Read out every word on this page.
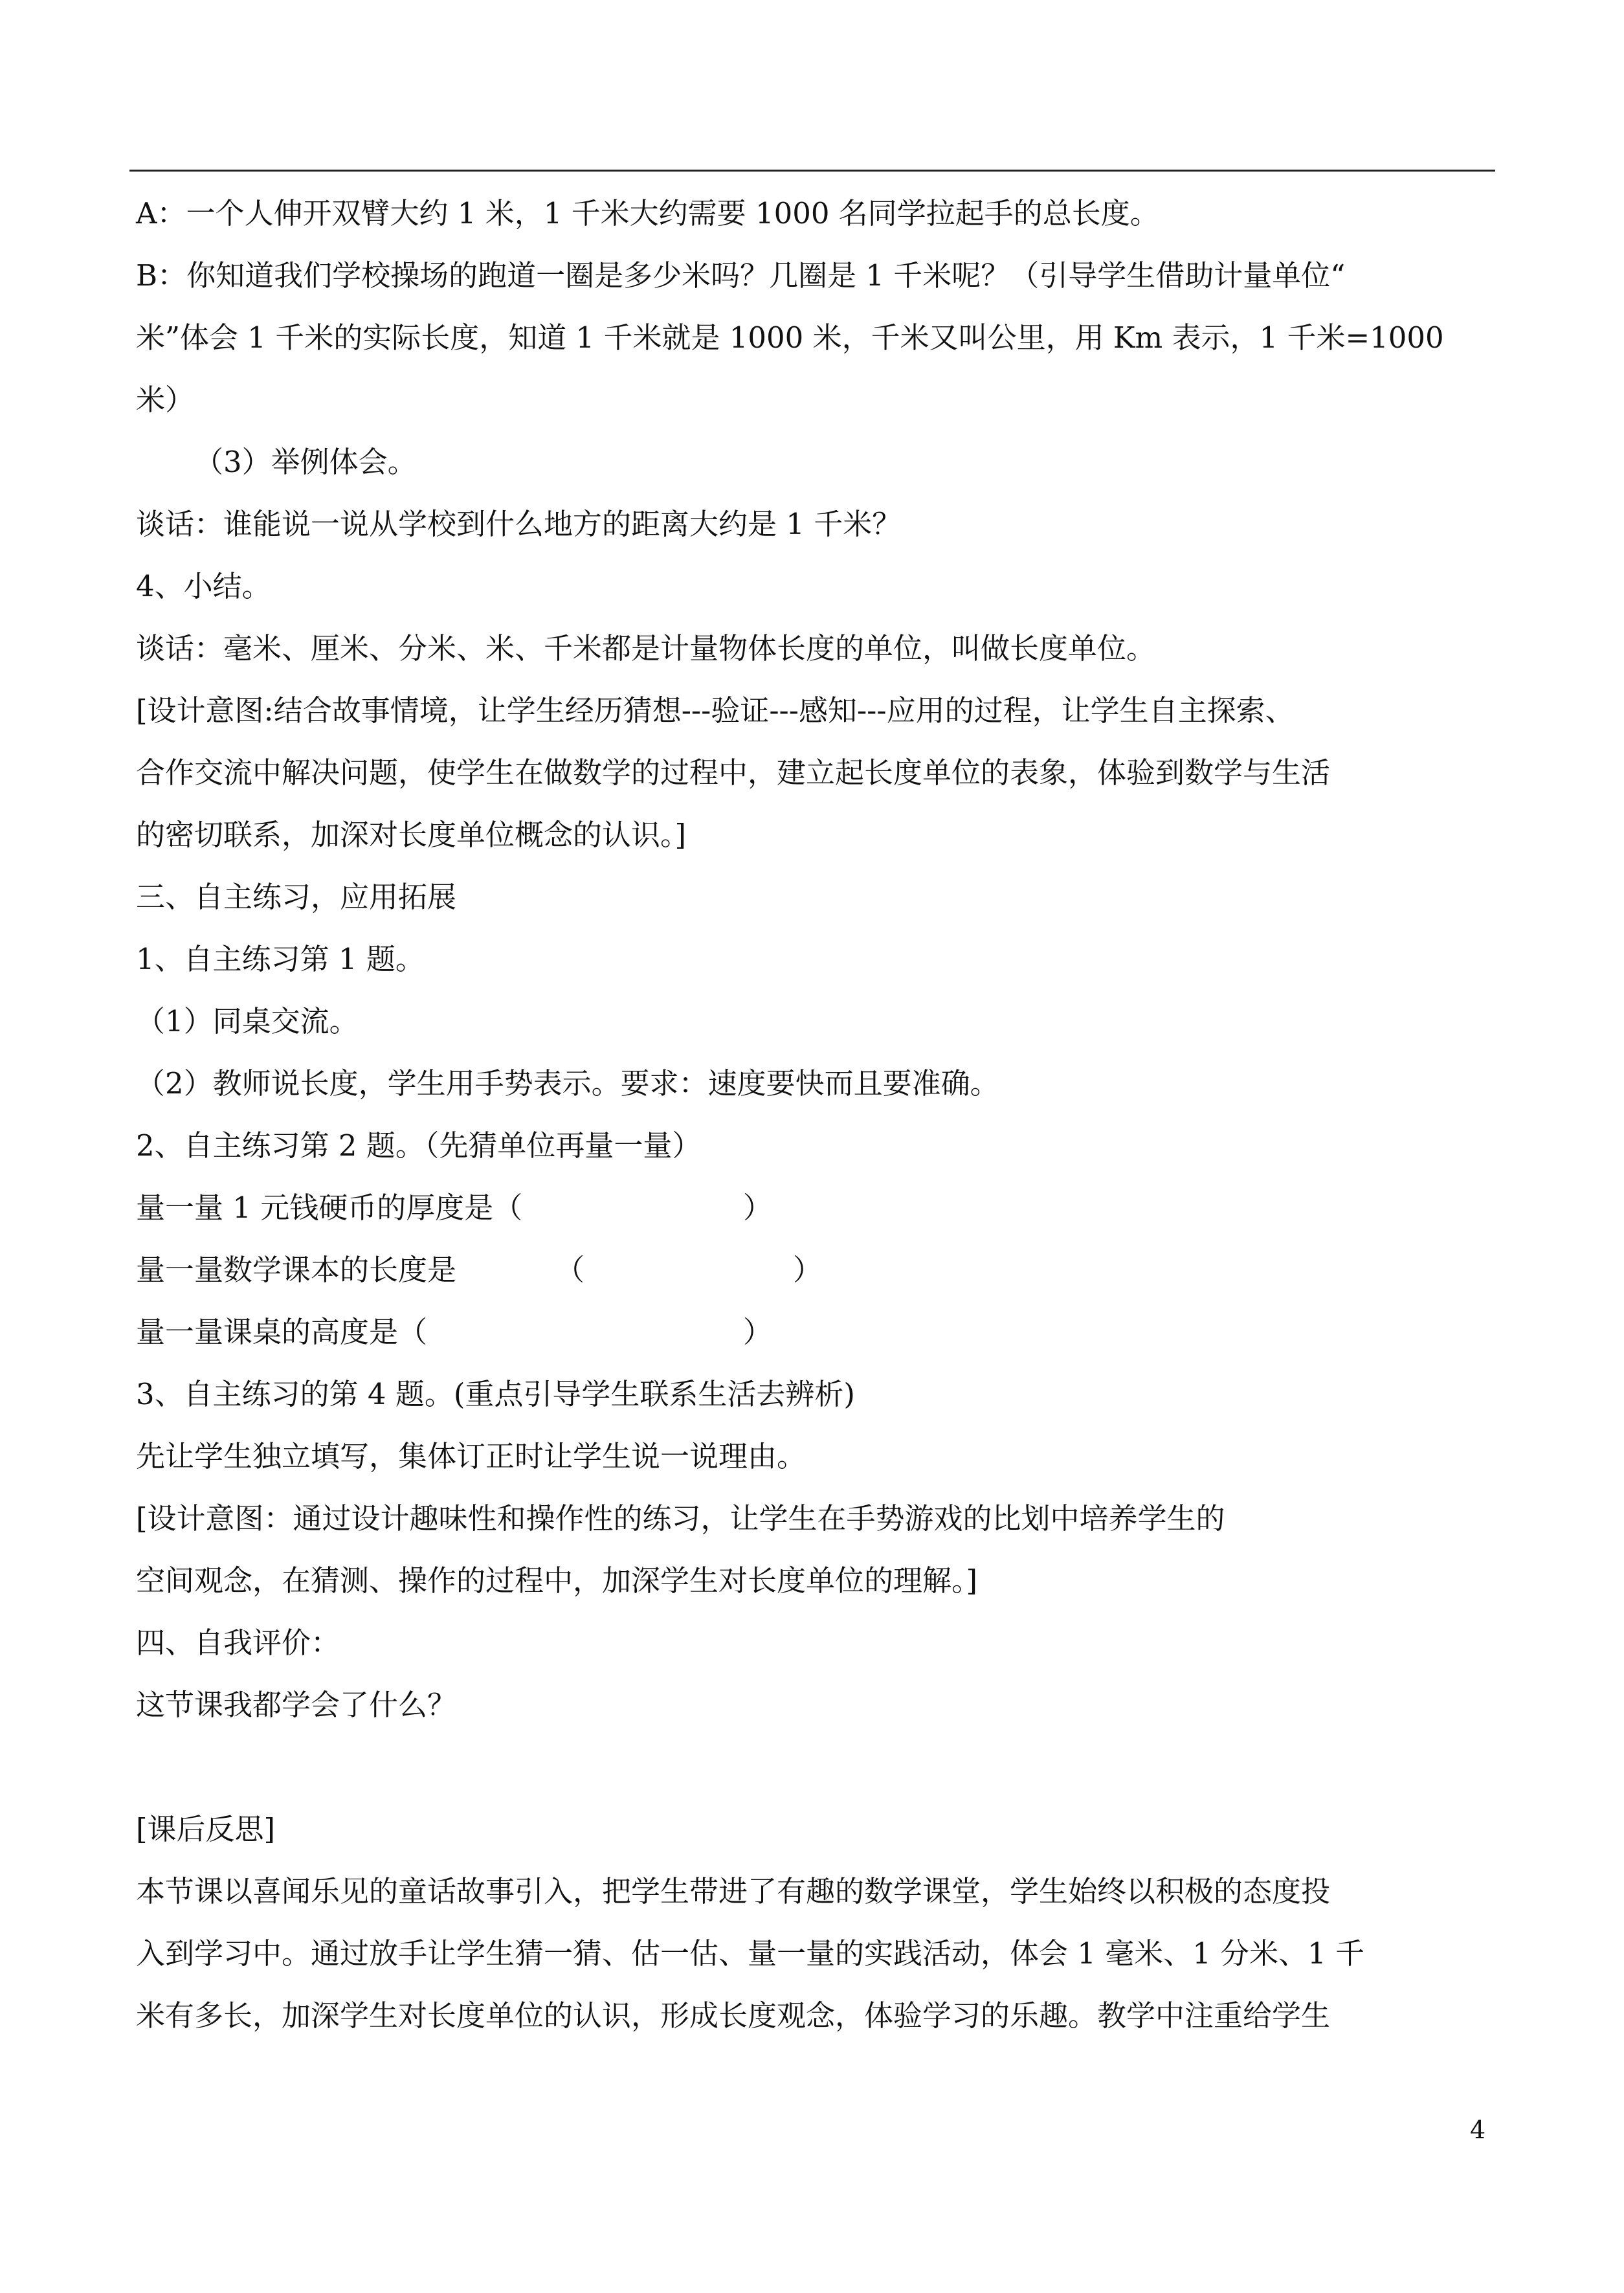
A：一个人伸开双臂大约 1 米，1 千米大约需要 1000 名同学拉起手的总长度。
B：你知道我们学校操场的跑道一圈是多少米吗？几圈是 1 千米呢？（引导学生借助计量单位“
米”体会 1 千米的实际长度，知道 1 千米就是 1000 米，千米又叫公里，用 Km 表示，1 千米=1000
米）
（3）举例体会。
谈话：谁能说一说从学校到什么地方的距离大约是 1 千米？
4、小结。
谈话：毫米、厘米、分米、米、千米都是计量物体长度的单位，叫做长度单位。
[设计意图:结合故事情境，让学生经历猜想---验证---感知---应用的过程，让学生自主探索、
合作交流中解决问题，使学生在做数学的过程中，建立起长度单位的表象，体验到数学与生活
的密切联系，加深对长度单位概念的认识。]
三、自主练习，应用拓展
1、自主练习第 1 题。
（1）同桌交流。
（2）教师说长度，学生用手势表示。要求：速度要快而且要准确。
2、自主练习第 2 题。（先猜单位再量一量）
量一量 1 元钱硬币的厚度是（	）
量一量数学课本的长度是	（	）
量一量课桌的高度是（	）
3、自主练习的第 4 题。(重点引导学生联系生活去辨析)
先让学生独立填写，集体订正时让学生说一说理由。
[设计意图：通过设计趣味性和操作性的练习，让学生在手势游戏的比划中培养学生的
空间观念，在猜测、操作的过程中，加深学生对长度单位的理解。]
四、自我评价：
这节课我都学会了什么？
[课后反思]
本节课以喜闻乐见的童话故事引入，把学生带进了有趣的数学课堂，学生始终以积极的态度投
入到学习中。通过放手让学生猜一猜、估一估、量一量的实践活动，体会 1 毫米、1 分米、1 千
米有多长，加深学生对长度单位的认识，形成长度观念，体验学习的乐趣。教学中注重给学生
4
